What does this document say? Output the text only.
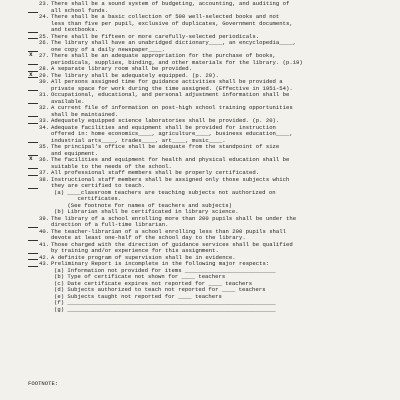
23. There shall be a sound system of budgeting, accounting, and auditing of
all school funds.
24. There shall be a basic collection of 500 well-selected books and not
less than five per pupil, exclusive of duplicates, Government documents,
and textbooks.
25. There shall be fifteen or more carefully-selected periodicals.
26. The library shall have an unabridged dictionary____, an encyclopedia____,
one copy of a daily newspaper____.
x 27. There shall be an adequate appropriation for the purchase of books,
periodicals, supplies, binding, and other materials for the library. (p.19)
28. A separate library room shall be provided.
x 29. The library shall be adequately equipped. (p. 20).
30. All persons assigned time for guidance activities shall be provided a
private space for work during the time assigned. (Effective in 1951-54).
31. Occupational, educational, and personal adjustment information shall be
available.
32. A current file of information on post-high school training opportunities
shall be maintained.
33. Adequately equipped science laboratories shall be provided. (p. 20).
34. Adequate facilities and equipment shall be provided for instruction
offered in: home economics____, agriculture____, business education____,
industrial arts____, trades____, art____, music____.
35. The principal's office shall be adequate from the standpoint of size
and equipment.
x 36. The facilities and equipment for health and physical education shall be
suitable to the needs of the school.
37. All professional staff members shall be properly certificated.
38. Instructional staff members shall be assigned only those subjects which
they are certified to teach.
(a) ____classroom teachers are teaching subjects not authorized on
certificates.
(See footnote for names of teachers and subjects)
(b) Librarian shall be certificated in library science.
39. The library of a school enrolling more than 200 pupils shall be under the
direction of a full-time librarian.
40. The teacher-librarian of a school enrolling less than 200 pupils shall
devote at least one-half of the school day to the library.
41. Those charged with the direction of guidance services shall be qualified
by training and/or experience for this assignment.
42. A definite program of supervision shall be in evidence.
43. Preliminary Report is incomplete in the following major respects:
(a) Information not provided for items ___________________________
(b) Type of certificate not shown for ____ teachers
(c) Date certificate expires not reported for ____ teachers
(d) Subjects authorized to teach not reported for ____ teachers
(e) Subjects taught not reported for ____ teachers
(f) ______________________________________________________________
(g) ______________________________________________________________
FOOTNOTE:
